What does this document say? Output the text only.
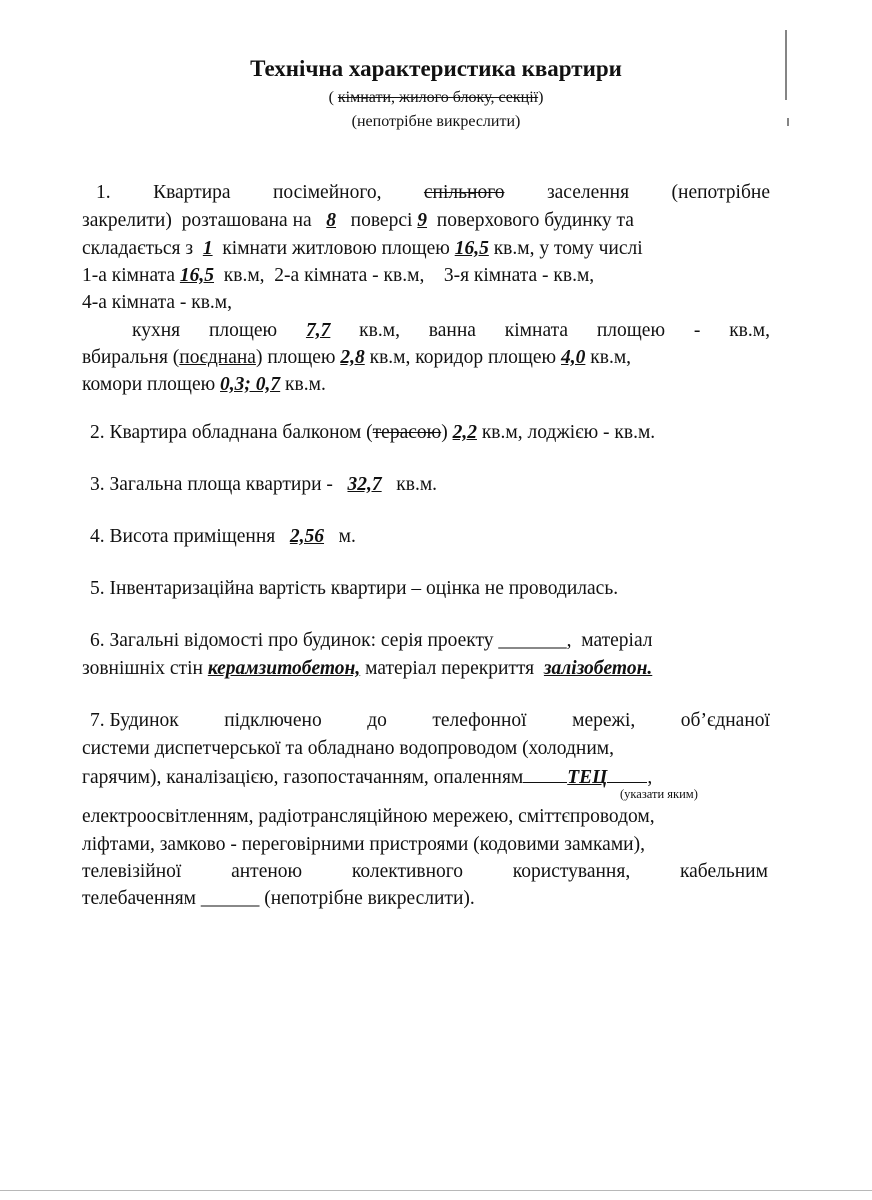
Технічна характеристика квартири
( кімнати, жилого блоку, секції)
(непотрібне викреслити)
1. Квартира посімейного, спільного заселення (непотрібне
закрелити) розташована на 8 поверсі 9 поверхового будинку та
складається з 1 кімнати житловою площею 16,5 кв.м, у тому числі
1-а кімната 16,5 кв.м, 2-а кімната - кв.м, 3-я кімната - кв.м,
4-а кімната - кв.м,
кухня площею 7,7 кв.м, ванна кімната площею - кв.м,
вбиральня (поєднана) площею 2,8 кв.м, коридор площею 4,0 кв.м,
комори площею 0,3; 0,7 кв.м.
2. Квартира обладнана балконом (терасою) 2,2 кв.м, лоджією - кв.м.
3. Загальна площа квартири - 32,7 кв.м.
4. Висота приміщення 2,56 м.
5. Інвентаризаційна вартість квартири – оцінка не проводилась.
6. Загальні відомості про будинок: серія проекту _______, матеріал
зовнішніх стін керамзитобетон, матеріал перекриття залізобетон.
7. Будинок підключено до телефонної мережі, об’єднаної
системи диспетчерської та обладнано водопроводом (холодним,
гарячим), каналізацією, газопостачанням, опаленням ТЕЦ ,
(указати яким)
електроосвітленням, радіотрансляційною мережею, сміттєпроводом,
ліфтами, замково - переговірними пристроями (кодовими замками),
телевізійної	антеною	колективного	користування,	кабельним
телебаченням ______ (непотрібне викреслити).
